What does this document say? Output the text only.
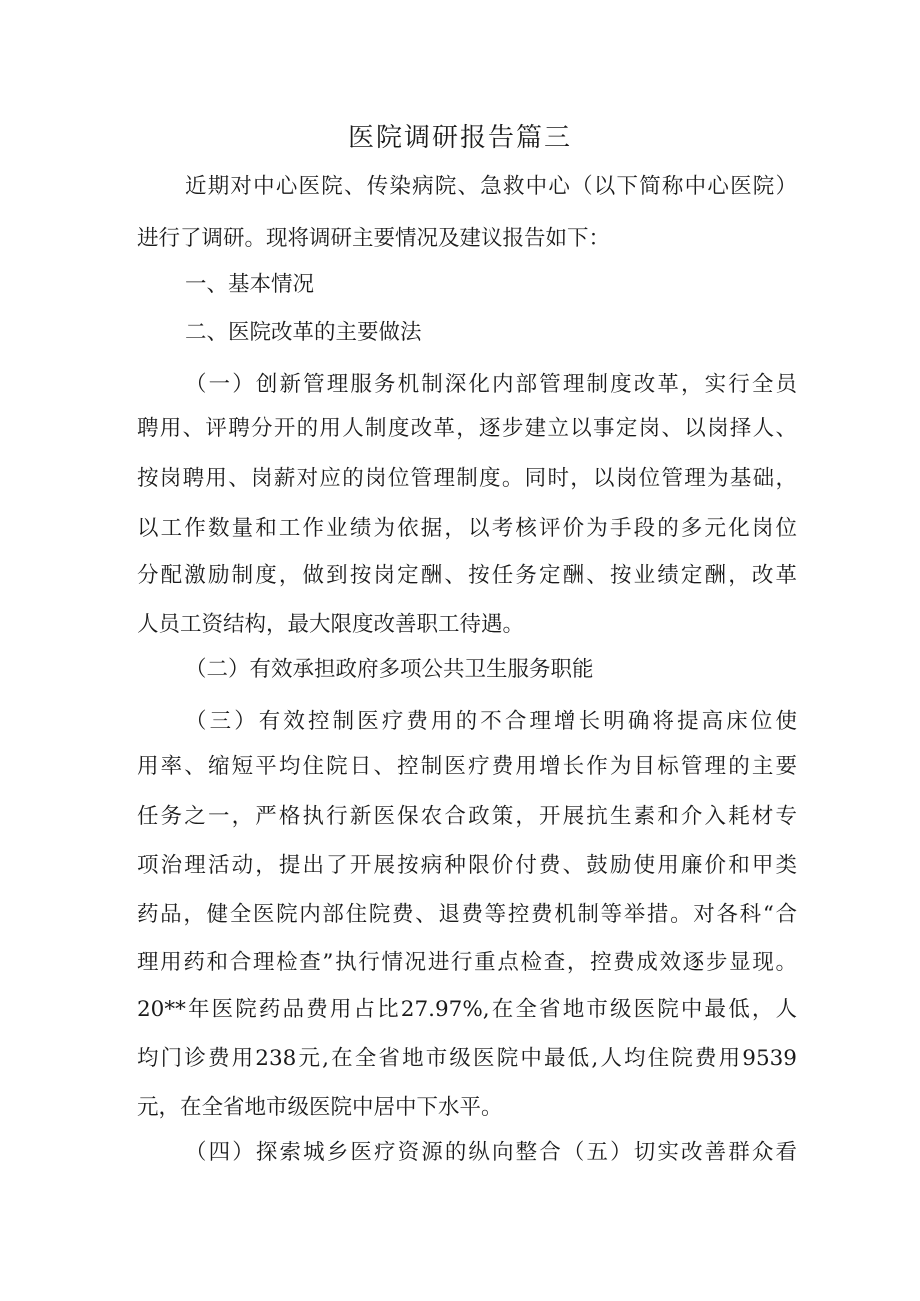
医院调研报告篇三

近期对中心医院、传染病院、急救中心（以下简称中心医院）

进行了调研。现将调研主要情况及建议报告如下：

一、基本情况

二、医院改革的主要做法

（一）创新管理服务机制深化内部管理制度改革，实行全员

聘用、评聘分开的用人制度改革，逐步建立以事定岗、以岗择人、

按岗聘用、岗薪对应的岗位管理制度。同时，以岗位管理为基础，

以工作数量和工作业绩为依据，以考核评价为手段的多元化岗位

分配激励制度，做到按岗定酬、按任务定酬、按业绩定酬，改革

人员工资结构，最大限度改善职工待遇。

（二）有效承担政府多项公共卫生服务职能

（三）有效控制医疗费用的不合理增长明确将提高床位使

用率、缩短平均住院日、控制医疗费用增长作为目标管理的主要

任务之一，严格执行新医保农合政策，开展抗生素和介入耗材专

项治理活动，提出了开展按病种限价付费、鼓励使用廉价和甲类

药品，健全医院内部住院费、退费等控费机制等举措。对各科“合

理用药和合理检查”执行情况进行重点检查，控费成效逐步显现。

20**年医院药品费用占比27.97%,在全省地市级医院中最低，人

均门诊费用238元,在全省地市级医院中最低,人均住院费用9539

元，在全省地市级医院中居中下水平。

（四）探索城乡医疗资源的纵向整合（五）切实改善群众看
